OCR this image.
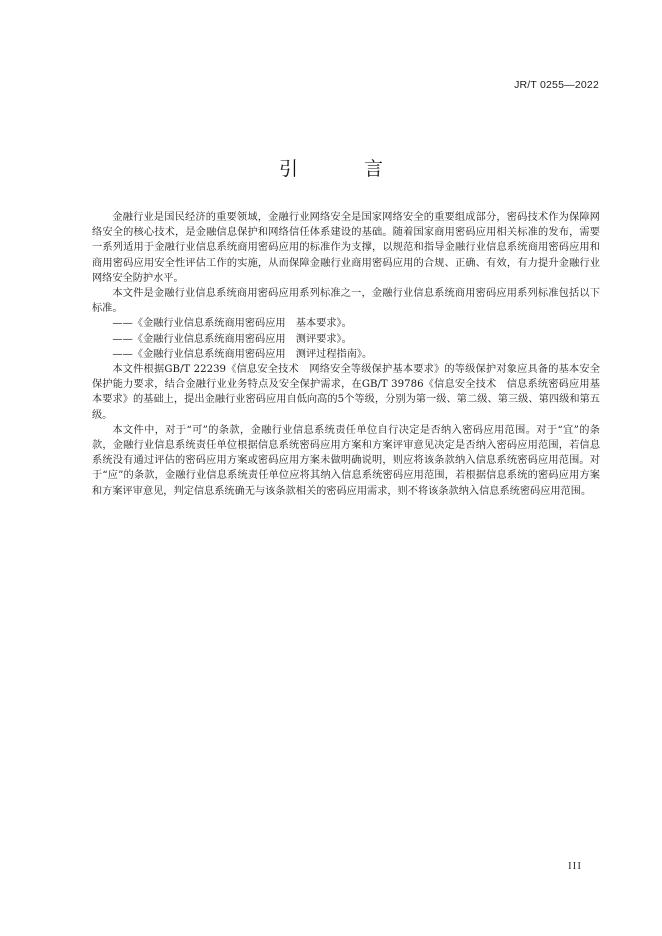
JR/T 0255—2022
引 言

金融行业是国民经济的重要领域，金融行业网络安全是国家网络安全的重要组成部分，密码技术作为保障网络安全的核心技术，是金融信息保护和网络信任体系建设的基础。随着国家商用密码应用相关标准的发布，需要一系列适用于金融行业信息系统商用密码应用的标准作为支撑，以规范和指导金融行业信息系统商用密码应用和商用密码应用安全性评估工作的实施，从而保障金融行业商用密码应用的合规、正确、有效，有力提升金融行业网络安全防护水平。

本文件是金融行业信息系统商用密码应用系列标准之一，金融行业信息系统商用密码应用系列标准包括以下标准。

——《金融行业信息系统商用密码应用　基本要求》。

——《金融行业信息系统商用密码应用　测评要求》。

——《金融行业信息系统商用密码应用　测评过程指南》。

本文件根据GB/T 22239《信息安全技术　网络安全等级保护基本要求》的等级保护对象应具备的基本安全保护能力要求，结合金融行业业务特点及安全保护需求，在GB/T 39786《信息安全技术　信息系统密码应用基本要求》的基础上，提出金融行业密码应用自低向高的5个等级，分别为第一级、第二级、第三级、第四级和第五级。

本文件中，对于“可”的条款，金融行业信息系统责任单位自行决定是否纳入密码应用范围。对于“宜”的条款，金融行业信息系统责任单位根据信息系统密码应用方案和方案评审意见决定是否纳入密码应用范围，若信息系统没有通过评估的密码应用方案或密码应用方案未做明确说明，则应将该条款纳入信息系统密码应用范围。对于“应”的条款，金融行业信息系统责任单位应将其纳入信息系统密码应用范围，若根据信息系统的密码应用方案和方案评审意见，判定信息系统确无与该条款相关的密码应用需求，则不将该条款纳入信息系统密码应用范围。

III
